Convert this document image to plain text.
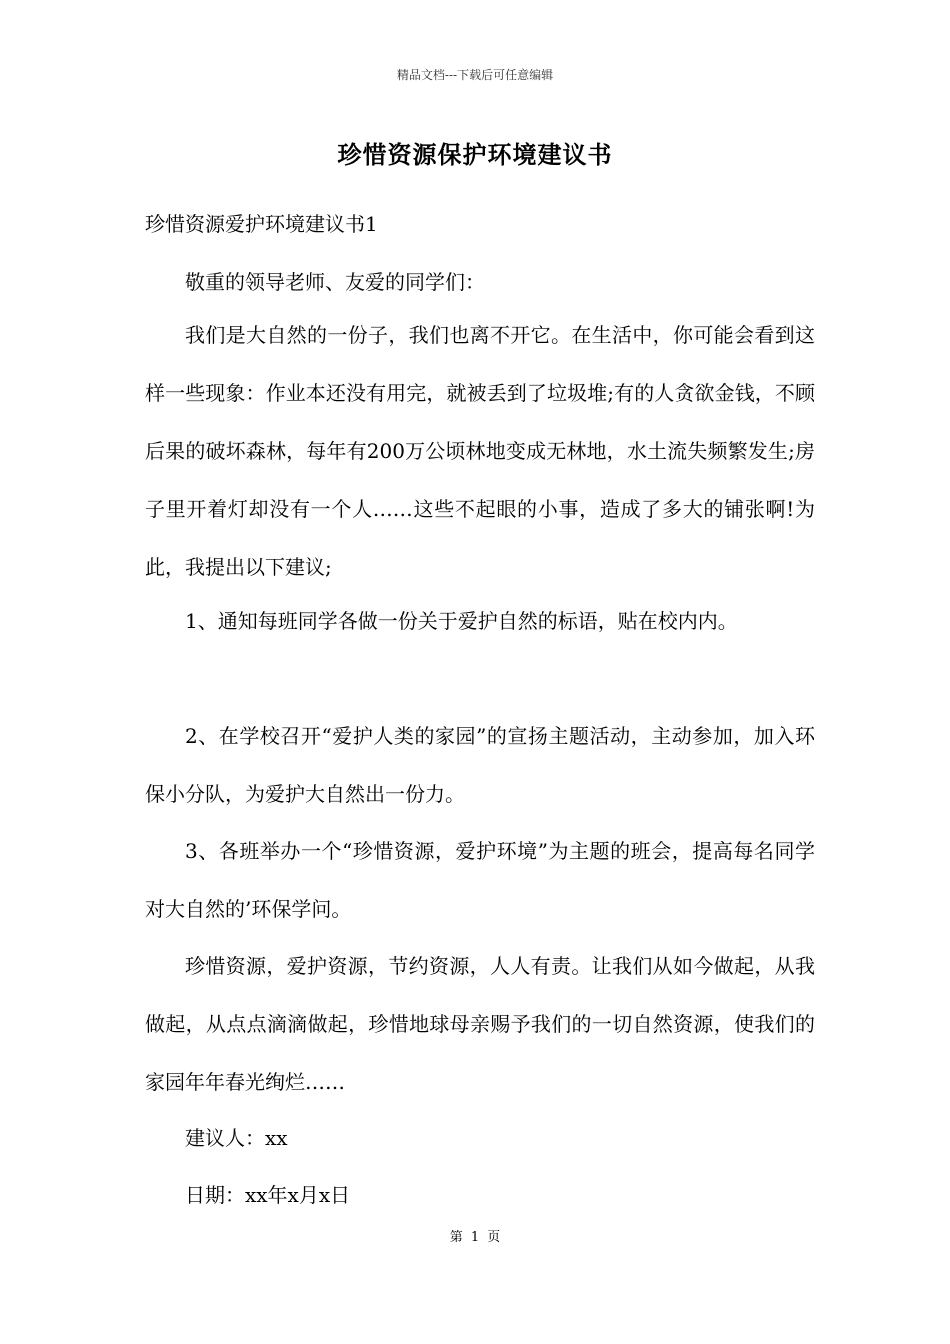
精品文档---下载后可任意编辑
珍惜资源保护环境建议书
珍惜资源爱护环境建议书1

敬重的领导老师、友爱的同学们：

我们是大自然的一份子，我们也离不开它。在生活中，你可能会看到这样一些现象：作业本还没有用完，就被丢到了垃圾堆;有的人贪欲金钱，不顾后果的破坏森林，每年有200万公顷林地变成无林地，水土流失频繁发生;房子里开着灯却没有一个人……这些不起眼的小事，造成了多大的铺张啊!为此，我提出以下建议;

1、通知每班同学各做一份关于爱护自然的标语，贴在校内内。

2、在学校召开“爱护人类的家园”的宣扬主题活动，主动参加，加入环保小分队，为爱护大自然出一份力。

3、各班举办一个“珍惜资源，爱护环境”为主题的班会，提高每名同学对大自然的’环保学问。

珍惜资源，爱护资源，节约资源，人人有责。让我们从如今做起，从我做起，从点点滴滴做起，珍惜地球母亲赐予我们的一切自然资源，使我们的家园年年春光绚烂……

建议人：xx

日期：xx年x月x日

第 1 页
